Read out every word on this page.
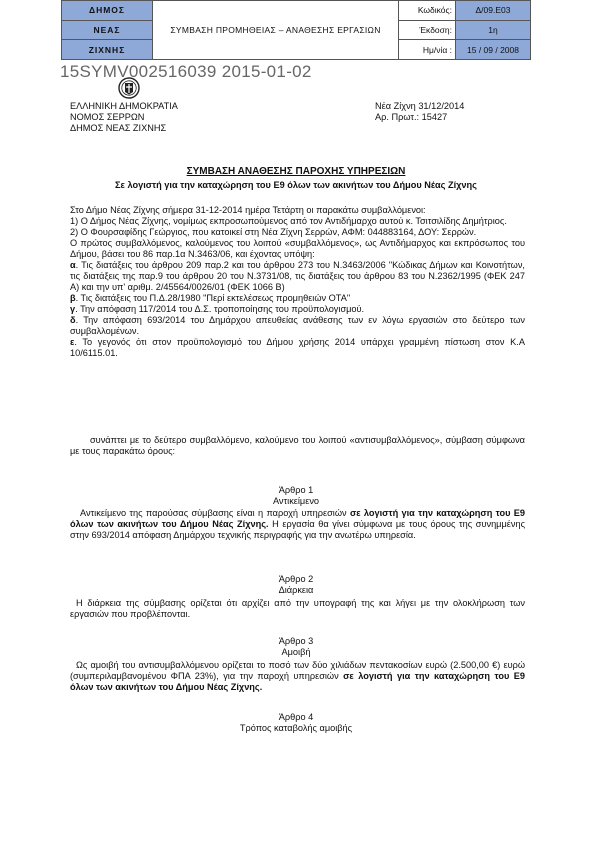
ΔΗΜΟΣ	ΣΥΜΒΑΣΗ ΠΡΟΜΗΘΕΙΑΣ – ΑΝΑΘΕΣΗΣ ΕΡΓΑΣΙΩΝ	Κωδικός:	Δ/09.Ε03
ΝΕΑΣ		Έκδοση:	1η
ΖΙΧΝΗΣ		Ημ/νία :	15 / 09 / 2008
15SYMV002516039 2015-01-02
ΕΛΛΗΝΙΚΗ ΔΗΜΟΚΡΑΤΙΑ
ΝΟΜΟΣ ΣΕΡΡΩΝ
ΔΗΜΟΣ ΝΕΑΣ ΖΙΧΝΗΣ
Νέα Ζίχνη 31/12/2014
Αρ. Πρωτ.: 15427
ΣΥΜΒΑΣΗ ΑΝΑΘΕΣΗΣ ΠΑΡΟΧΗΣ ΥΠΗΡΕΣΙΩΝ
Σε λογιστή για την καταχώρηση του Ε9 όλων των ακινήτων του Δήμου Νέας Ζίχνης

Στο Δήμο Νέας Ζίχνης σήμερα 31-12-2014 ημέρα Τετάρτη οι παρακάτω συμβαλλόμενοι:

1) Ο Δήμος Νέας Ζίχνης, νομίμως εκπροσωπούμενος από τον Αντιδήμαρχο αυτού κ. Τσιτσιλίδης Δημήτριος.

2) Ο Φουρσαφίδης Γεώργιος, που κατοικεί στη Νέα Ζίχνη Σερρών, ΑΦΜ: 044883164, ΔΟΥ: Σερρών.

Ο πρώτος συμβαλλόμενος, καλούμενος του λοιπού «συμβαλλόμενος», ως Αντιδήμαρχος και εκπρόσωπος του Δήμου, βάσει του 86 παρ.1α Ν.3463/06, και έχοντας υπόψη:

α. Τις διατάξεις του άρθρου 209 παρ.2 και του άρθρου 273 του Ν.3463/2006 "Κώδικας Δήμων και Κοινοτήτων, τις διατάξεις της παρ.9 του άρθρου 20 του Ν.3731/08, τις διατάξεις του άρθρου 83 του Ν.2362/1995 (ΦΕΚ 247 Α) και την υπ' αριθμ. 2/45564/0026/01 (ΦΕΚ 1066 Β)

β. Τις διατάξεις του Π.Δ.28/1980 "Περί εκτελέσεως προμηθειών ΟΤΑ"

γ. Την απόφαση 117/2014 του Δ.Σ. τροποποίησης του προϋπολογισμού.

δ. Την απόφαση 693/2014 του Δημάρχου απευθείας ανάθεσης των εν λόγω εργασιών στο δεύτερο των συμβαλλομένων.

ε. Το γεγονός ότι στον προϋπολογισμό του Δήμου χρήσης 2014 υπάρχει γραμμένη πίστωση στον Κ.Α 10/6115.01.

συνάπτει με το δεύτερο συμβαλλόμενο, καλούμενο του λοιπού «αντισυμβαλλόμενος», σύμβαση σύμφωνα με τους παρακάτω όρους:
Άρθρο 1
Αντικείμενο
Αντικείμενο της παρούσας σύμβασης είναι η παροχή υπηρεσιών σε λογιστή για την καταχώρηση του Ε9 όλων των ακινήτων του Δήμου Νέας Ζίχνης. Η εργασία θα γίνει σύμφωνα με τους όρους της συνημμένης στην 693/2014 απόφαση Δημάρχου τεχνικής περιγραφής για την ανωτέρω υπηρεσία.
Άρθρο 2
Διάρκεια
Η διάρκεια της σύμβασης ορίζεται ότι αρχίζει από την υπογραφή της και λήγει με την ολοκλήρωση των εργασιών που προβλέπονται.
Άρθρο 3
Αμοιβή
Ως αμοιβή του αντισυμβαλλόμενου ορίζεται το ποσό των δύο χιλιάδων πεντακοσίων ευρώ (2.500,00 €) ευρώ (συμπεριλαμβανομένου ΦΠΑ 23%), για την παροχή υπηρεσιών σε λογιστή για την καταχώρηση του Ε9 όλων των ακινήτων του Δήμου Νέας Ζίχνης.
Άρθρο 4
Τρόπος καταβολής αμοιβής
